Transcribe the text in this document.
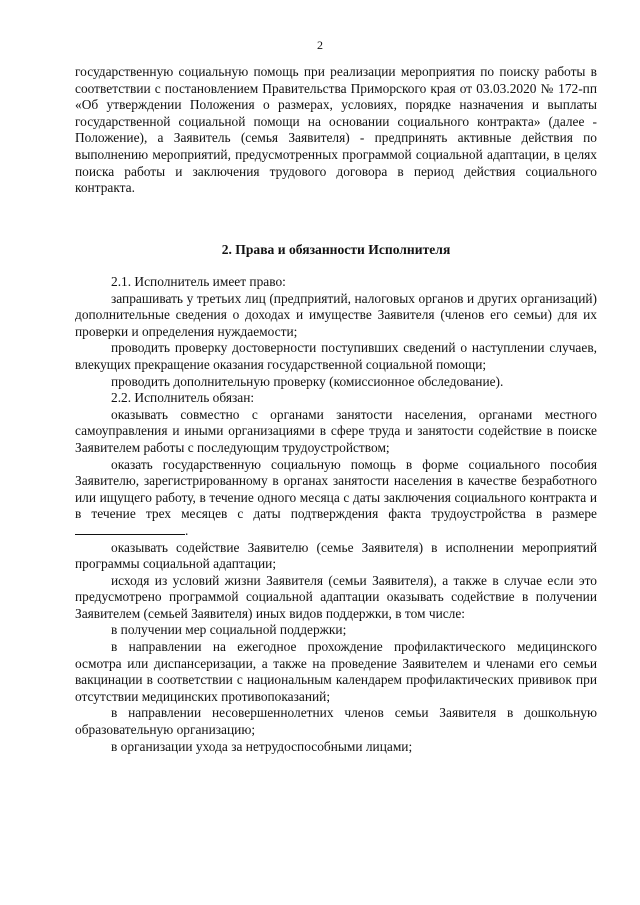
2

государственную социальную помощь при реализации мероприятия по поиску работы в соответствии с постановлением Правительства Приморского края от 03.03.2020 № 172-пп «Об утверждении Положения о размерах, условиях, порядке назначения и выплаты государственной социальной помощи на основании социального контракта» (далее - Положение), а Заявитель (семья Заявителя) - предпринять активные действия по выполнению мероприятий, предусмотренных программой социальной адаптации, в целях поиска работы и заключения трудового договора в период действия социального контракта.

2. Права и обязанности Исполнителя

2.1. Исполнитель имеет право:

запрашивать у третьих лиц (предприятий, налоговых органов и других организаций) дополнительные сведения о доходах и имуществе Заявителя (членов его семьи) для их проверки и определения нуждаемости;

проводить проверку достоверности поступивших сведений о наступлении случаев, влекущих прекращение оказания государственной социальной помощи;

проводить дополнительную проверку (комиссионное обследование).

2.2. Исполнитель обязан:

оказывать совместно с органами занятости населения, органами местного самоуправления и иными организациями в сфере труда и занятости содействие в поиске Заявителем работы с последующим трудоустройством;

оказать государственную социальную помощь в форме социального пособия Заявителю, зарегистрированному в органах занятости населения в качестве безработного или ищущего работу, в течение одного месяца с даты заключения социального контракта и в течение трех месяцев с даты подтверждения факта трудоустройства в размере .

оказывать содействие Заявителю (семье Заявителя) в исполнении мероприятий программы социальной адаптации;

исходя из условий жизни Заявителя (семьи Заявителя), а также в случае если это предусмотрено программой социальной адаптации оказывать содействие в получении Заявителем (семьей Заявителя) иных видов поддержки, в том числе:

в получении мер социальной поддержки;

в направлении на ежегодное прохождение профилактического медицинского осмотра или диспансеризации, а также на проведение Заявителем и членами его семьи вакцинации в соответствии с национальным календарем профилактических прививок при отсутствии медицинских противопоказаний;

в направлении несовершеннолетних членов семьи Заявителя в дошкольную образовательную организацию;

в организации ухода за нетрудоспособными лицами;
